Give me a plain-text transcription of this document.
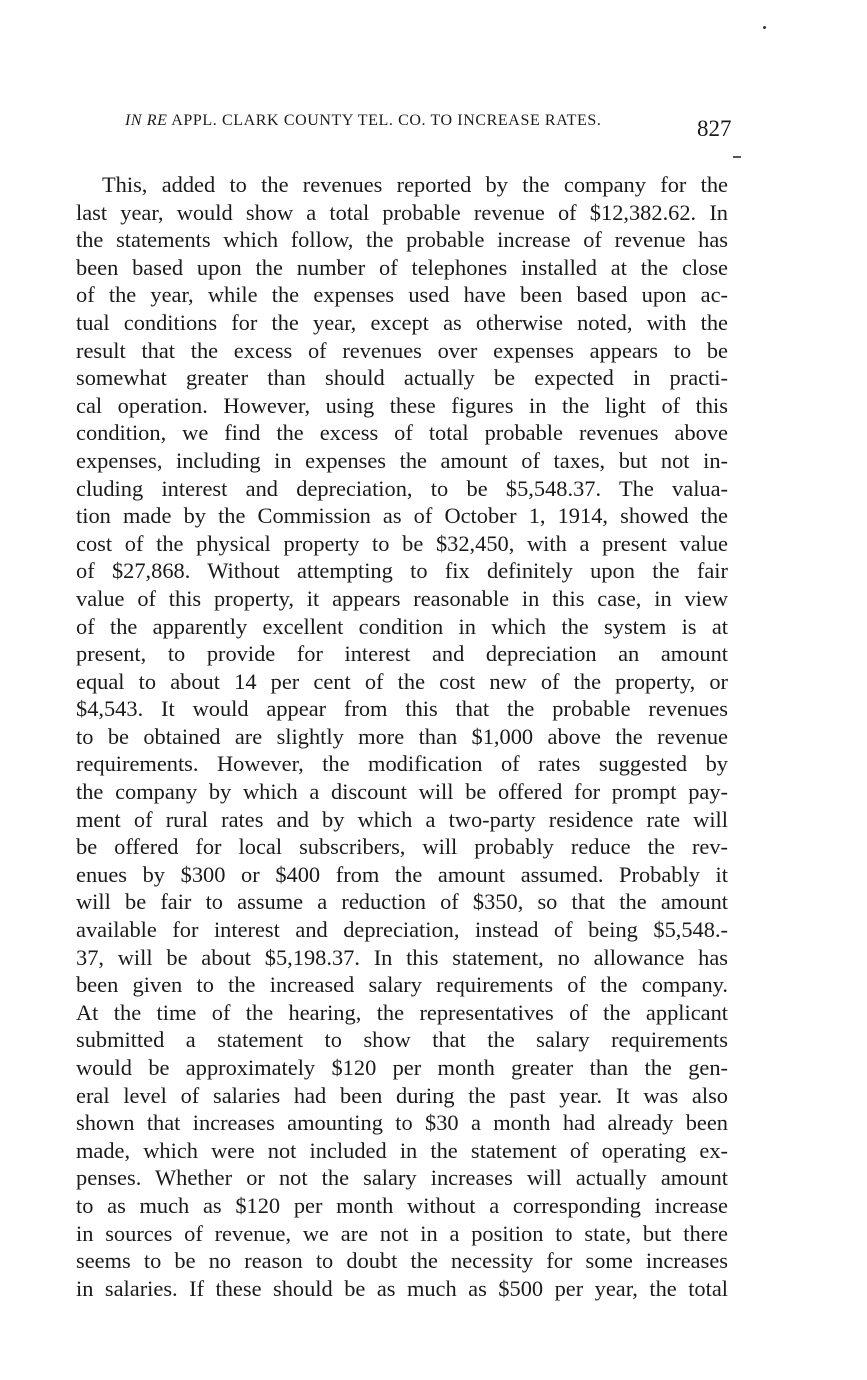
IN RE APPL. CLARK COUNTY TEL. CO. TO INCREASE RATES.	827
This, added to the revenues reported by the company for the
last year, would show a total probable revenue of $12,382.62. In
the statements which follow, the probable increase of revenue has
been based upon the number of telephones installed at the close
of the year, while the expenses used have been based upon ac-
tual conditions for the year, except as otherwise noted, with the
result that the excess of revenues over expenses appears to be
somewhat greater than should actually be expected in practi-
cal operation. However, using these figures in the light of this
condition, we find the excess of total probable revenues above
expenses, including in expenses the amount of taxes, but not in-
cluding interest and depreciation, to be $5,548.37. The valua-
tion made by the Commission as of October 1, 1914, showed the
cost of the physical property to be $32,450, with a present value
of $27,868. Without attempting to fix definitely upon the fair
value of this property, it appears reasonable in this case, in view
of the apparently excellent condition in which the system is at
present, to provide for interest and depreciation an amount
equal to about 14 per cent of the cost new of the property, or
$4,543. It would appear from this that the probable revenues
to be obtained are slightly more than $1,000 above the revenue
requirements. However, the modification of rates suggested by
the company by which a discount will be offered for prompt pay-
ment of rural rates and by which a two-party residence rate will
be offered for local subscribers, will probably reduce the rev-
enues by $300 or $400 from the amount assumed. Probably it
will be fair to assume a reduction of $350, so that the amount
available for interest and depreciation, instead of being $5,548.-
37, will be about $5,198.37. In this statement, no allowance has
been given to the increased salary requirements of the company.
At the time of the hearing, the representatives of the applicant
submitted a statement to show that the salary requirements
would be approximately $120 per month greater than the gen-
eral level of salaries had been during the past year. It was also
shown that increases amounting to $30 a month had already been
made, which were not included in the statement of operating ex-
penses. Whether or not the salary increases will actually amount
to as much as $120 per month without a corresponding increase
in sources of revenue, we are not in a position to state, but there
seems to be no reason to doubt the necessity for some increases
in salaries. If these should be as much as $500 per year, the total
